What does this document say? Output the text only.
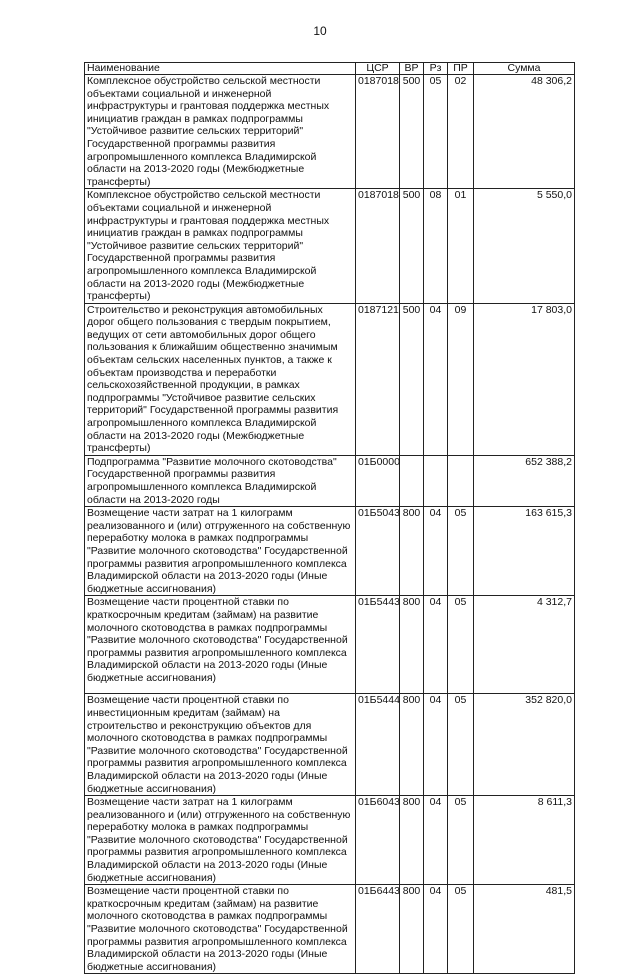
10
Наименование	ЦСР	ВР	Рз	ПР	Сумма
Комплексное обустройство сельской местности объектами социальной и инженерной инфраструктуры и грантовая поддержка местных инициатив граждан в рамках подпрограммы "Устойчивое развитие сельских территорий" Государственной программы развития агропромышленного комплекса Владимирской области на 2013-2020 годы (Межбюджетные трансферты)	0187018	500	05	02	48 306,2
Комплексное обустройство сельской местности объектами социальной и инженерной инфраструктуры и грантовая поддержка местных инициатив граждан в рамках подпрограммы "Устойчивое развитие сельских территорий" Государственной программы развития агропромышленного комплекса Владимирской области на 2013-2020 годы (Межбюджетные трансферты)	0187018	500	08	01	5 550,0
Строительство и реконструкция автомобильных дорог общего пользования с твердым покрытием, ведущих от сети автомобильных дорог общего пользования к ближайшим общественно значимым объектам сельских населенных пунктов, а также к объектам производства и переработки сельскохозяйственной продукции, в рамках подпрограммы "Устойчивое развитие сельских территорий" Государственной программы развития агропромышленного комплекса Владимирской области на 2013-2020 годы (Межбюджетные трансферты)	0187121	500	04	09	17 803,0
Подпрограмма "Развитие молочного скотоводства" Государственной программы развития агропромышленного комплекса Владимирской области на 2013-2020 годы	01Б0000				652 388,2
Возмещение части затрат на 1 килограмм реализованного и (или) отгруженного на собственную переработку молока в рамках подпрограммы "Развитие молочного скотоводства" Государственной программы развития агропромышленного комплекса Владимирской области на 2013-2020 годы (Иные бюджетные ассигнования)	01Б5043	800	04	05	163 615,3
Возмещение части процентной ставки по краткосрочным кредитам (займам) на развитие молочного скотоводства в рамках подпрограммы "Развитие молочного скотоводства" Государственной программы развития агропромышленного комплекса Владимирской области на 2013-2020 годы (Иные бюджетные ассигнования)	01Б5443	800	04	05	4 312,7
Возмещение части процентной ставки по инвестиционным кредитам (займам) на строительство и реконструкцию объектов для молочного скотоводства в рамках подпрограммы "Развитие молочного скотоводства" Государственной программы развития агропромышленного комплекса Владимирской области на 2013-2020 годы (Иные бюджетные ассигнования)	01Б5444	800	04	05	352 820,0
Возмещение части затрат на 1 килограмм реализованного и (или) отгруженного на собственную переработку молока в рамках подпрограммы "Развитие молочного скотоводства" Государственной программы развития агропромышленного комплекса Владимирской области на 2013-2020 годы (Иные бюджетные ассигнования)	01Б6043	800	04	05	8 611,3
Возмещение части процентной ставки по краткосрочным кредитам (займам) на развитие молочного скотоводства в рамках подпрограммы "Развитие молочного скотоводства" Государственной программы развития агропромышленного комплекса Владимирской области на 2013-2020 годы (Иные бюджетные ассигнования)	01Б6443	800	04	05	481,5
